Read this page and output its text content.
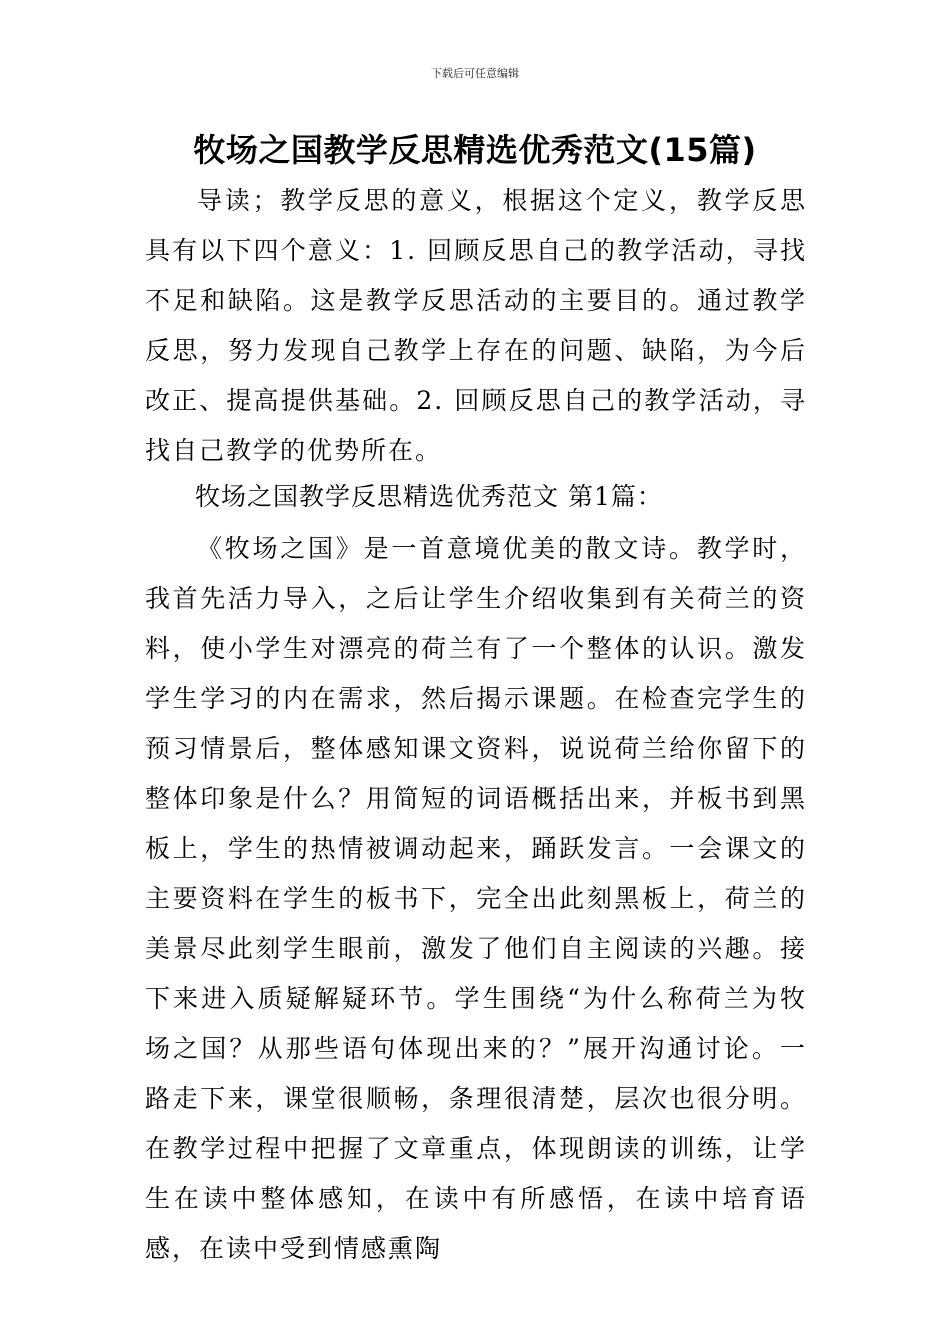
下载后可任意编辑
牧场之国教学反思精选优秀范文(15篇)

导读；教学反思的意义，根据这个定义，教学反思具有以下四个意义：1. 回顾反思自己的教学活动，寻找不足和缺陷。这是教学反思活动的主要目的。通过教学反思，努力发现自己教学上存在的问题、缺陷，为今后改正、提高提供基础。2. 回顾反思自己的教学活动，寻找自己教学的优势所在。

牧场之国教学反思精选优秀范文 第1篇：

《牧场之国》是一首意境优美的散文诗。教学时，我首先活力导入，之后让学生介绍收集到有关荷兰的资料，使小学生对漂亮的荷兰有了一个整体的认识。激发学生学习的内在需求，然后揭示课题。在检查完学生的预习情景后，整体感知课文资料，说说荷兰给你留下的整体印象是什么？用简短的词语概括出来，并板书到黑板上，学生的热情被调动起来，踊跃发言。一会课文的主要资料在学生的板书下，完全出此刻黑板上，荷兰的美景尽此刻学生眼前，激发了他们自主阅读的兴趣。接下来进入质疑解疑环节。学生围绕“为什么称荷兰为牧场之国？从那些语句体现出来的？”展开沟通讨论。一路走下来，课堂很顺畅，条理很清楚，层次也很分明。在教学过程中把握了文章重点，体现朗读的训练，让学生在读中整体感知，在读中有所感悟，在读中培育语感，在读中受到情感熏陶
